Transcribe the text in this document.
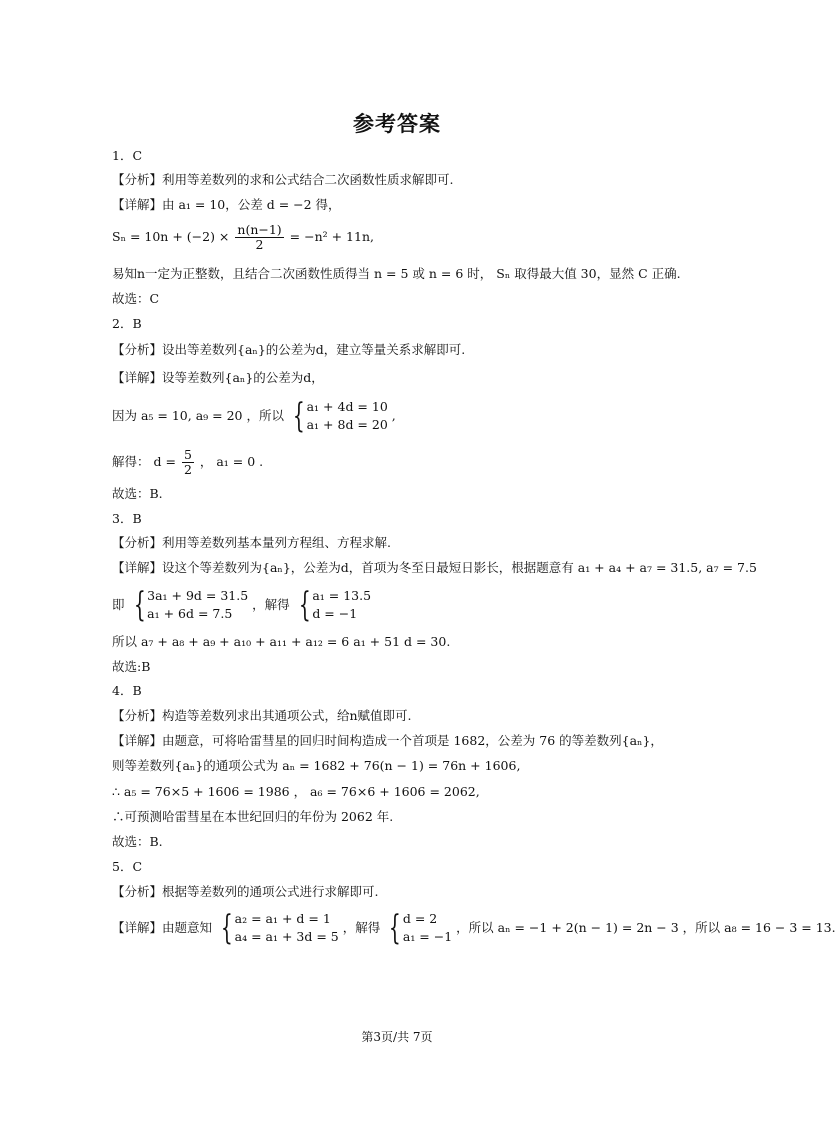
参考答案
1．C
【分析】利用等差数列的求和公式结合二次函数性质求解即可.
【详解】由 a₁ = 10，公差 d = −2 得，
$S_n = 10n + (-2) \times \frac{n(n-1)}{2} = -n^2 + 11n$,
易知n一定为正整数，且结合二次函数性质得当 n = 5 或 n = 6 时， Sₙ 取得最大值 30，显然 C 正确.
故选：C
2．B
【分析】设出等差数列{aₙ}的公差为d，建立等量关系求解即可.
【详解】设等差数列{aₙ}的公差为d，
因为 a₅ = 10, a₉ = 20 ，所以 { a₁ + 4d = 10
a₁ + 8d = 20
,
解得： $d = \frac{5}{2}$ ， a₁ = 0 .
故选：B.
3．B
【分析】利用等差数列基本量列方程组、方程求解.
【详解】设这个等差数列为{aₙ}，公差为d，首项为冬至日最短日影长，根据题意有 a₁ + a₄ + a₇ = 31.5, a₇ = 7.5
即 { 3a₁ + 9d = 31.5
a₁ + 6d = 7.5
，解得 { a₁ = 13.5
d = −1
所以 a₇ + a₈ + a₉ + a₁₀ + a₁₁ + a₁₂ = 6 a₁ + 51 d = 30.
故选:B
4．B
【分析】构造等差数列求出其通项公式，给n赋值即可.
【详解】由题意，可将哈雷彗星的回归时间构造成一个首项是 1682，公差为 76 的等差数列{aₙ}，
则等差数列{aₙ}的通项公式为 aₙ = 1682 + 76(n − 1) = 76n + 1606,
∴ a₅ = 76×5 + 1606 = 1986 ， a₆ = 76×6 + 1606 = 2062,
∴可预测哈雷彗星在本世纪回归的年份为 2062 年.
故选：B.
5．C
【分析】根据等差数列的通项公式进行求解即可.
【详解】由题意知 { a₂ = a₁ + d = 1
a₄ = a₁ + 3d = 5
，解得 { d = 2
a₁ = −1
，所以 aₙ = −1 + 2(n − 1) = 2n − 3 ，所以 a₈ = 16 − 3 = 13.
第3页/共 7页
